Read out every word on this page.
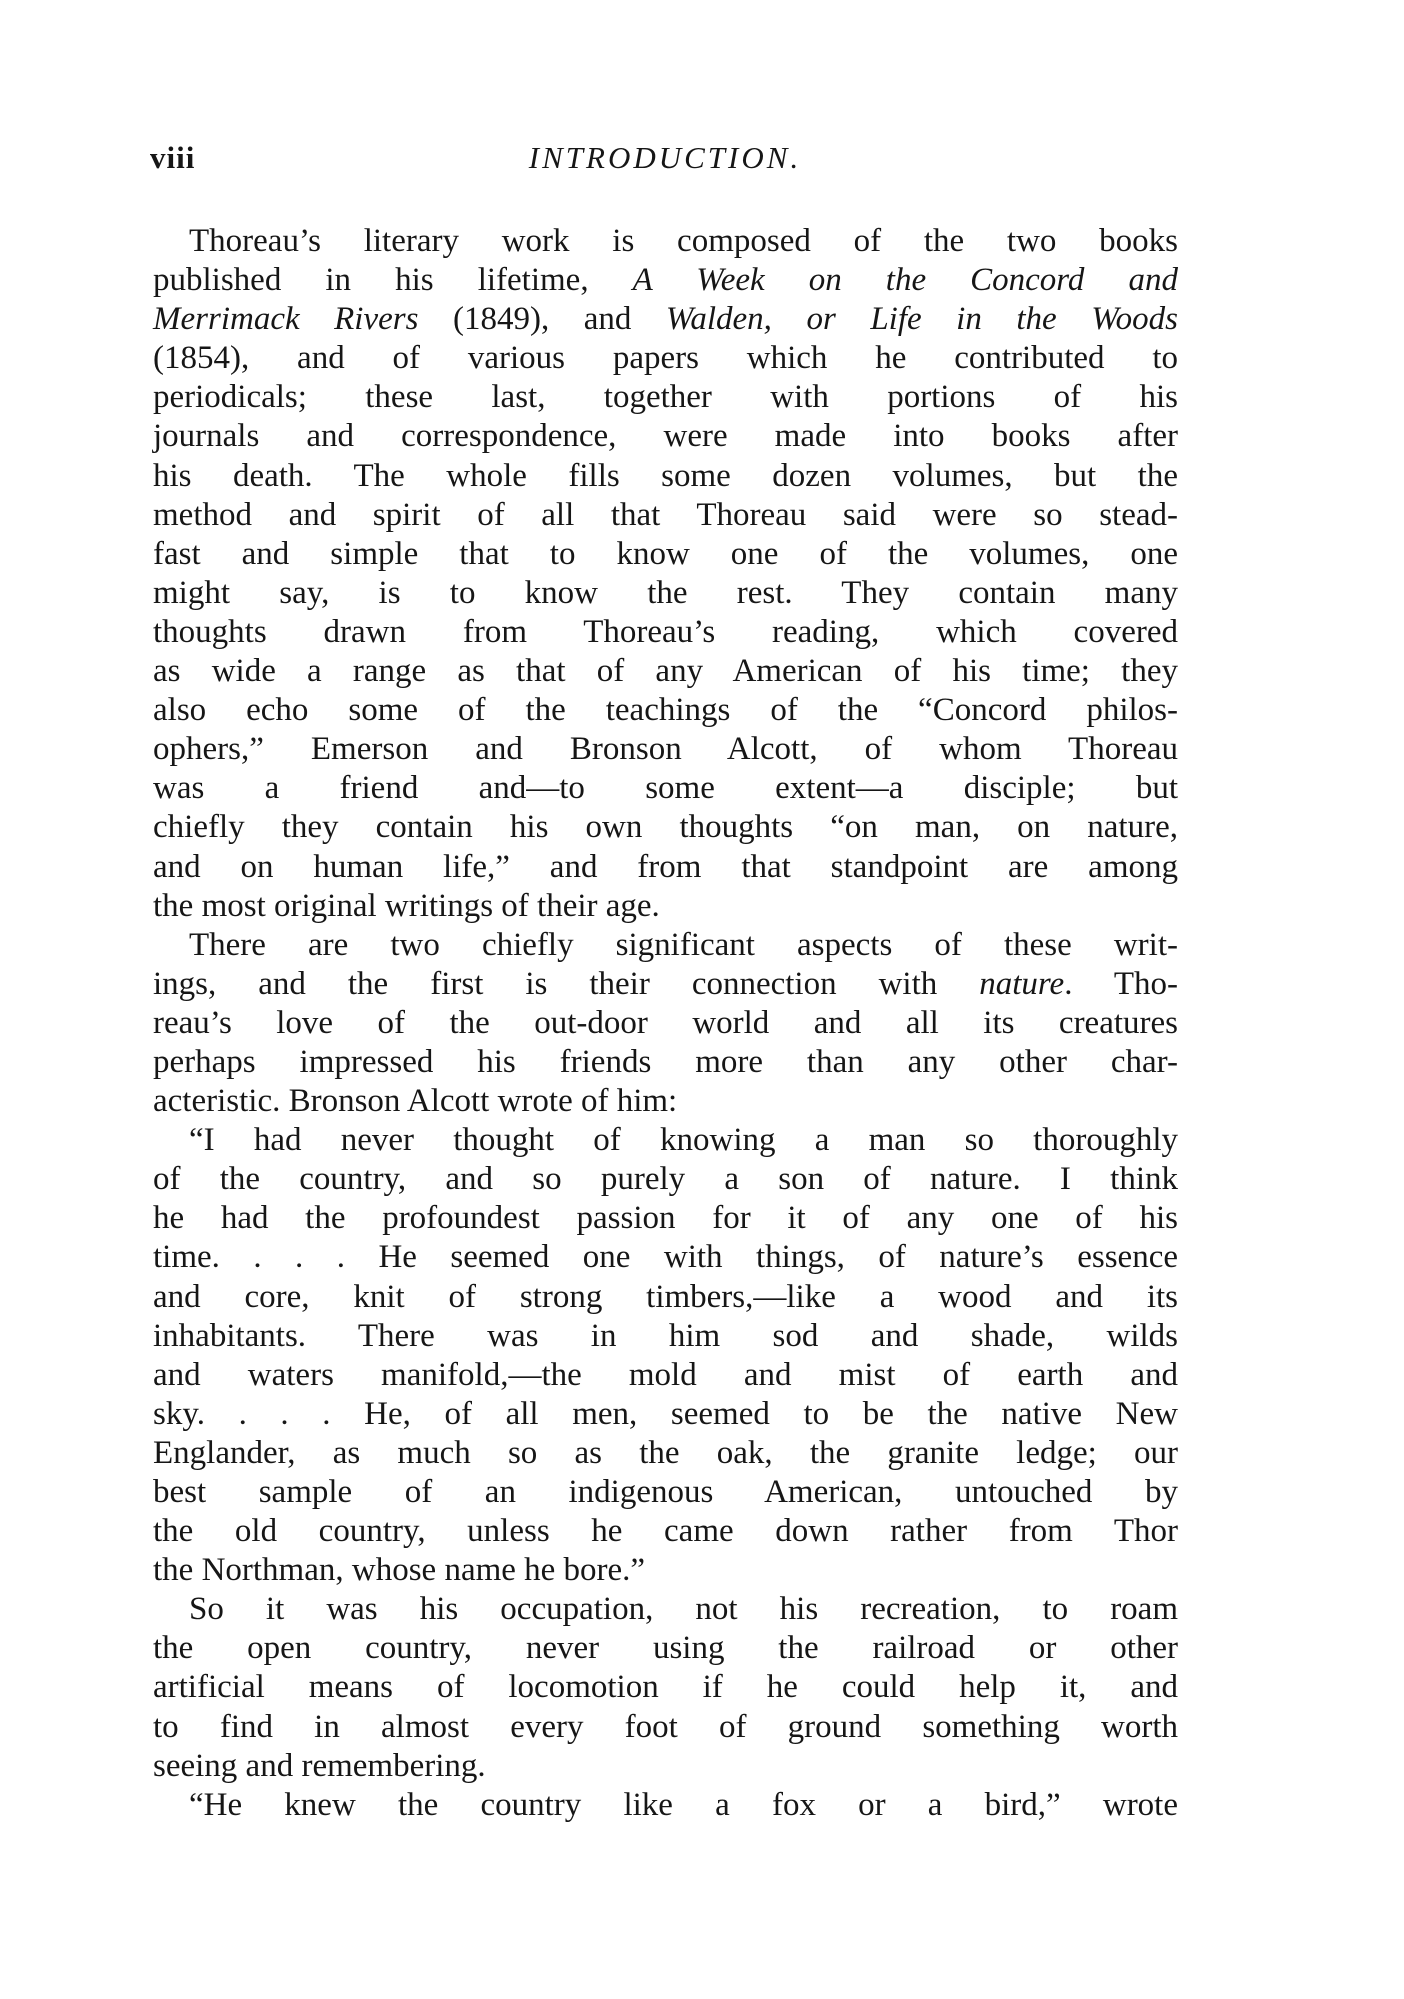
viii	INTRODUCTION.
Thoreau’s literary work is composed of the two books
published in his lifetime, A Week on the Concord and
Merrimack Rivers (1849), and Walden, or Life in the Woods
(1854), and of various papers which he contributed to
periodicals; these last, together with portions of his
journals and correspondence, were made into books after
his death. The whole fills some dozen volumes, but the
method and spirit of all that Thoreau said were so stead-
fast and simple that to know one of the volumes, one
might say, is to know the rest. They contain many
thoughts drawn from Thoreau’s reading, which covered
as wide a range as that of any American of his time; they
also echo some of the teachings of the “Concord philos-
ophers,” Emerson and Bronson Alcott, of whom Thoreau
was a friend and—to some extent—a disciple; but
chiefly they contain his own thoughts “on man, on nature,
and on human life,” and from that standpoint are among
the most original writings of their age.
There are two chiefly significant aspects of these writ-
ings, and the first is their connection with nature. Tho-
reau’s love of the out-door world and all its creatures
perhaps impressed his friends more than any other char-
acteristic. Bronson Alcott wrote of him:
“I had never thought of knowing a man so thoroughly
of the country, and so purely a son of nature. I think
he had the profoundest passion for it of any one of his
time. . . . He seemed one with things, of nature’s essence
and core, knit of strong timbers,—like a wood and its
inhabitants. There was in him sod and shade, wilds
and waters manifold,—the mold and mist of earth and
sky. . . . He, of all men, seemed to be the native New
Englander, as much so as the oak, the granite ledge; our
best sample of an indigenous American, untouched by
the old country, unless he came down rather from Thor
the Northman, whose name he bore.”
So it was his occupation, not his recreation, to roam
the open country, never using the railroad or other
artificial means of locomotion if he could help it, and
to find in almost every foot of ground something worth
seeing and remembering.
“He knew the country like a fox or a bird,” wrote
